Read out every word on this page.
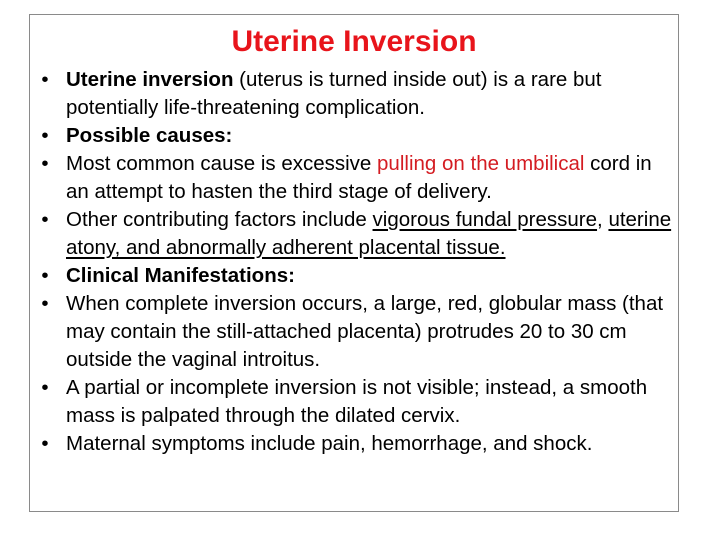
Uterine Inversion
• Uterine inversion (uterus is turned inside out) is a rare but potentially life-threatening complication.
• Possible causes:
• Most common cause is excessive pulling on the umbilical cord in an attempt to hasten the third stage of delivery.
• Other contributing factors include vigorous fundal pressure, uterine atony, and abnormally adherent placental tissue.
• Clinical Manifestations:
• When complete inversion occurs, a large, red, globular mass (that may contain the still-attached placenta) protrudes 20 to 30 cm outside the vaginal introitus.
• A partial or incomplete inversion is not visible; instead, a smooth mass is palpated through the dilated cervix.
• Maternal symptoms include pain, hemorrhage, and shock.
